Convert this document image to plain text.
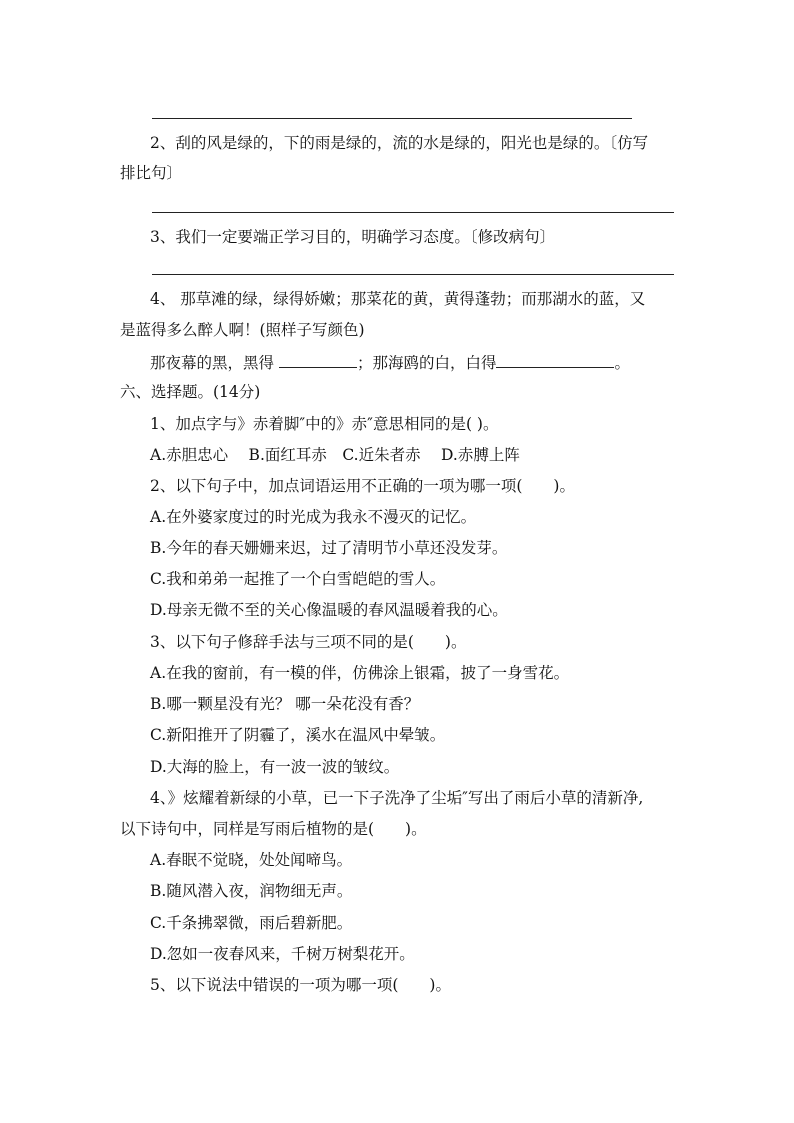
2、刮的风是绿的，下的雨是绿的，流的水是绿的，阳光也是绿的。〔仿写
排比句〕
3、我们一定要端正学习目的，明确学习态度。〔修改病句〕
4、 那草滩的绿，绿得娇嫩；那菜花的黄，黄得蓬勃；而那湖水的蓝，又
是蓝得多么醉人啊！(照样子写颜色)
那夜幕的黑，黑得	；那海鸥的白，白得	。
六、选择题。(14分)
1、加点字与》赤着脚″中的》赤″意思相同的是( )。
A.赤胆忠心　 B.面红耳赤　C.近朱者赤　 D.赤膊上阵
2、以下句子中，加点词语运用不正确的一项为哪一项(　　)。
A.在外婆家度过的时光成为我永不漫灭的记忆。
B.今年的春天姗姗来迟，过了清明节小草还没发芽。
C.我和弟弟一起推了一个白雪皑皑的雪人。
D.母亲无微不至的关心像温暖的春风温暖着我的心。
3、以下句子修辞手法与三项不同的是(　　)。
A.在我的窗前，有一模的伴，仿佛涂上银霜，披了一身雪花。
B.哪一颗星没有光？ 哪一朵花没有香？
C.新阳推开了阴霾了，溪水在温风中晕皱。
D.大海的脸上，有一波一波的皱纹。
4、》炫耀着新绿的小草，已一下子洗净了尘垢″写出了雨后小草的清新净,
以下诗句中，同样是写雨后植物的是(　　)。
A.春眠不觉晓，处处闻啼鸟。
B.随风潜入夜，润物细无声。
C.千条拂翠微，雨后碧新肥。
D.忽如一夜春风来，千树万树梨花开。
5、以下说法中错误的一项为哪一项(　　)。
